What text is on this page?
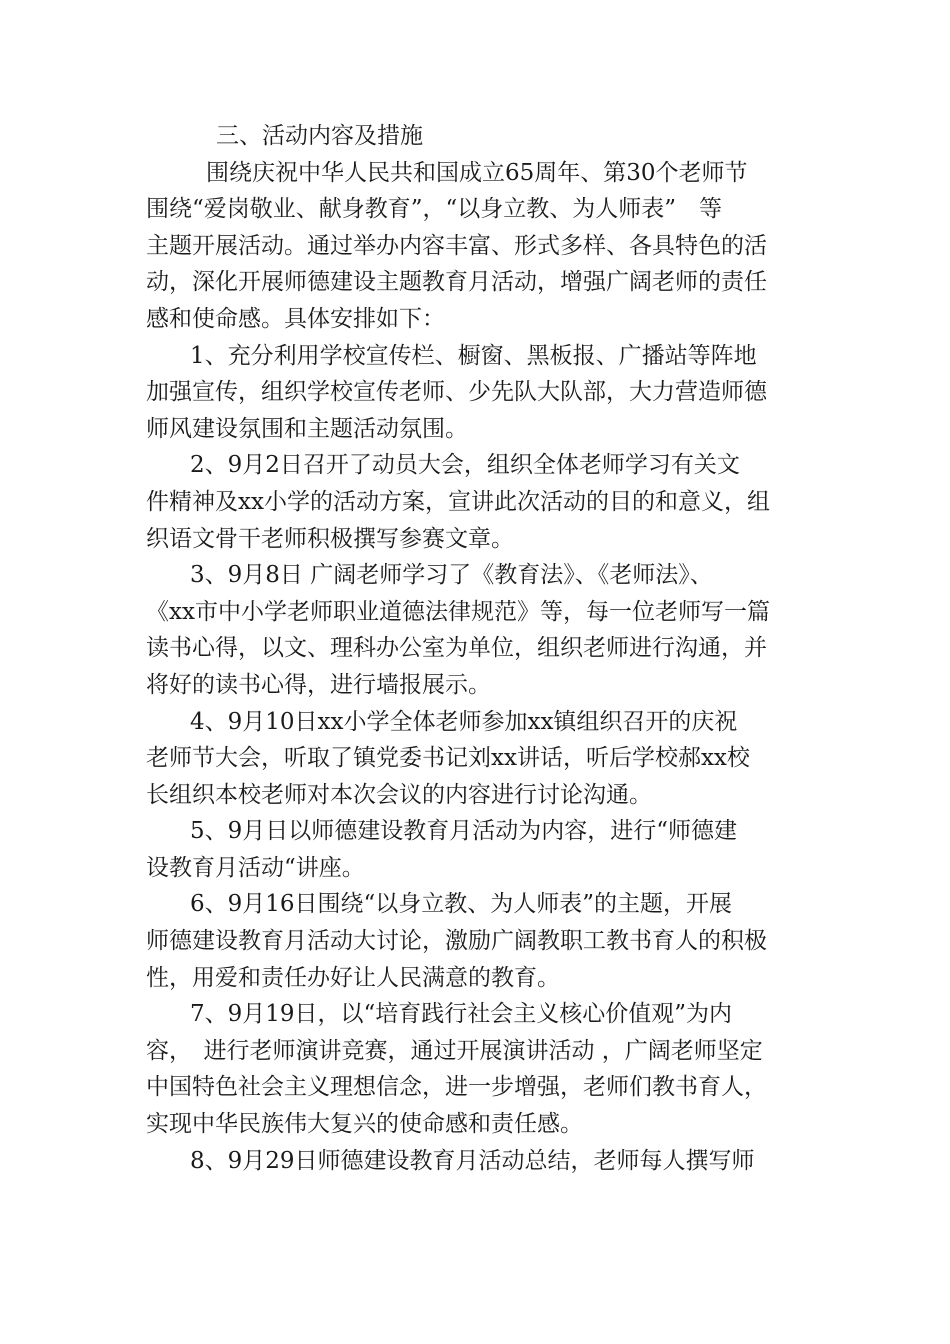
三、活动内容及措施
围绕庆祝中华人民共和国成立65周年、第30个老师节
围绕“爱岗敬业、献身教育”，“以身立教、为人师表”　等
主题开展活动。通过举办内容丰富、形式多样、各具特色的活
动，深化开展师德建设主题教育月活动，增强广阔老师的责任
感和使命感。具体安排如下：
1、充分利用学校宣传栏、橱窗、黑板报、广播站等阵地
加强宣传，组织学校宣传老师、少先队大队部，大力营造师德
师风建设氛围和主题活动氛围。
2、9月2日召开了动员大会，组织全体老师学习有关文
件精神及xx小学的活动方案，宣讲此次活动的目的和意义，组
织语文骨干老师积极撰写参赛文章。
3、9月8日 广阔老师学习了《教育法》、《老师法》、
《xx市中小学老师职业道德法律规范》等，每一位老师写一篇
读书心得，以文、理科办公室为单位，组织老师进行沟通，并
将好的读书心得，进行墙报展示。
4、9月10日xx小学全体老师参加xx镇组织召开的庆祝
老师节大会，听取了镇党委书记刘xx讲话，听后学校郝xx校
长组织本校老师对本次会议的内容进行讨论沟通。
5、9月日以师德建设教育月活动为内容，进行“师德建
设教育月活动“讲座。
6、9月16日围绕“以身立教、为人师表”的主题，开展
师德建设教育月活动大讨论，激励广阔教职工教书育人的积极
性，用爱和责任办好让人民满意的教育。
7、9月19日，以“培育践行社会主义核心价值观”为内
容，　进行老师演讲竞赛，通过开展演讲活动 ，广阔老师坚定
中国特色社会主义理想信念，进一步增强，老师们教书育人，
实现中华民族伟大复兴的使命感和责任感。
8、9月29日师德建设教育月活动总结，老师每人撰写师
